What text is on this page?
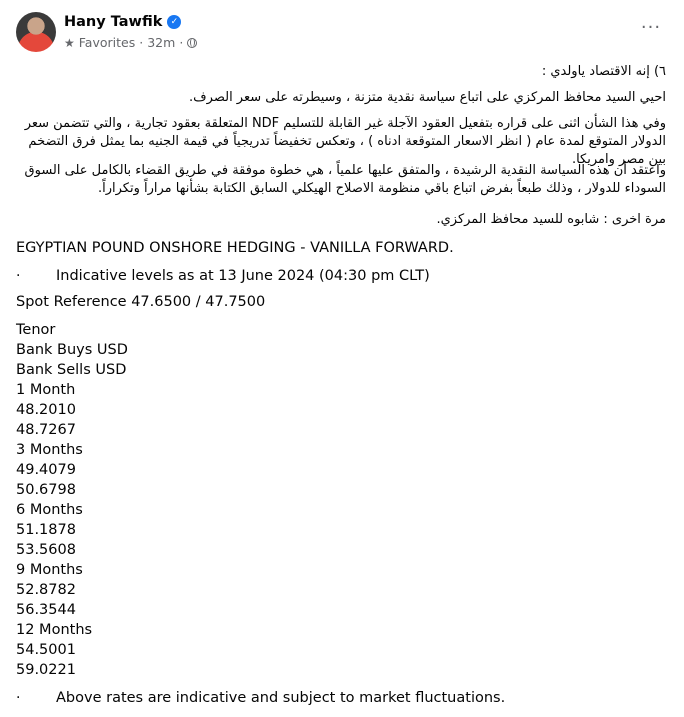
Hany Tawfik ✓
★ Favorites · 32m ·
···
٦) إنه الاقتصاد ياولدي :
احيي السيد محافظ المركزي على اتباع سياسة نقدية متزنة ، وسيطرته على سعر الصرف.
وفي هذا الشأن اثنى على قراره بتفعيل العقود الآجلة غير القابلة للتسليم NDF المتعلقة بعقود تجارية ، والتي تتضمن سعر الدولار المتوقع لمدة عام ( انظر الاسعار المتوقعة ادناه ) ، وتعكس تخفيضاً تدريجياً في قيمة الجنيه بما يمثل فرق التضخم بين مصر وامريكا.
واعتقد أن هذه السياسة النقدية الرشيدة ، والمتفق عليها علمياً ، هي خطوة موفقة في طريق القضاء بالكامل على السوق السوداء للدولار ، وذلك طبعاً بفرض اتباع باقي منظومة الاصلاح الهيكلي السابق الكتابة بشأنها مراراً وتكراراً.
مرة اخرى : شابوه للسيد محافظ المركزي.
EGYPTIAN POUND ONSHORE HEDGING - VANILLA FORWARD.
· Indicative levels as at 13 June 2024 (04:30 pm CLT)
Spot Reference 47.6500 / 47.7500
Tenor
Bank Buys USD
Bank Sells USD
1 Month
48.2010
48.7267
3 Months
49.4079
50.6798
6 Months
51.1878
53.5608
9 Months
52.8782
56.3544
12 Months
54.5001
59.0221
· Above rates are indicative and subject to market fluctuations.
